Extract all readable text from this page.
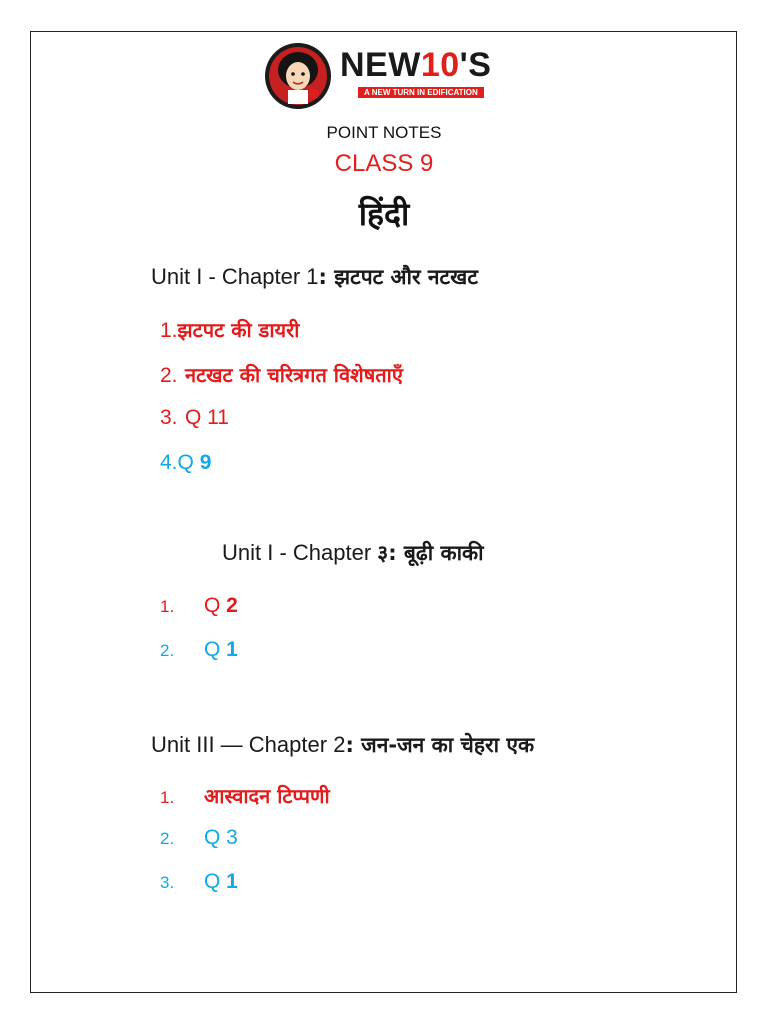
NEW10'S
A NEW TURN IN EDIFICATION
POINT NOTES
CLASS 9
हिंदी
Unit I - Chapter 1: झटपट और नटखट
1.झटपट की डायरी
2. नटखट की चरित्रगत विशेषताएँ
3. Q 11
4.Q 9
Unit I - Chapter ३: बूढ़ी काकी
1. Q 2
2. Q 1
Unit III — Chapter 2: जन-जन का चेहरा एक
1. आस्वादन टिप्पणी
2. Q 3
3. Q 1
